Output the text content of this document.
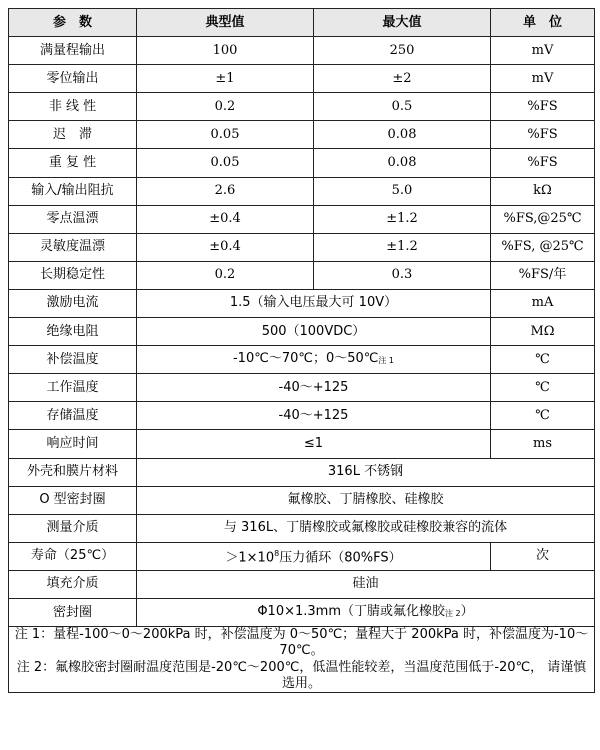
参　数	典型值	最大值	单　位
满量程输出	100	250	mV
零位输出	±1	±2	mV
非 线 性	0.2	0.5	%FS
迟　滞	0.05	0.08	%FS
重 复 性	0.05	0.08	%FS
输入/输出阻抗	2.6	5.0	kΩ
零点温漂	±0.4	±1.2	%FS,@25℃
灵敏度温漂	±0.4	±1.2	%FS, @25℃
长期稳定性	0.2	0.3	%FS/年
激励电流	1.5（输入电压最大可 10V）		mA
绝缘电阻	500（100VDC）		MΩ
补偿温度	-10℃～70℃；0～50℃注 1		℃
工作温度	-40～+125		℃
存储温度	-40～+125		℃
响应时间	≤1		ms
外壳和膜片材料	316L 不锈钢		
O 型密封圈	氟橡胶、丁腈橡胶、硅橡胶		
测量介质	与 316L、丁腈橡胶或氟橡胶或硅橡胶兼容的流体		
寿命（25℃）	$>1\times 10^8$压力循环（80%FS）		次
填充介质	硅油		
密封圈	Φ10×1.3mm（丁腈或氟化橡胶注 2）		

注 1：量程-100～0～200kPa 时，补偿温度为 0～50℃；量程大于 200kPa 时，补偿温度为-10～70℃。

注 2：氟橡胶密封圈耐温度范围是-20℃～200℃，低温性能较差，当温度范围低于-20℃， 请谨慎选用。			
